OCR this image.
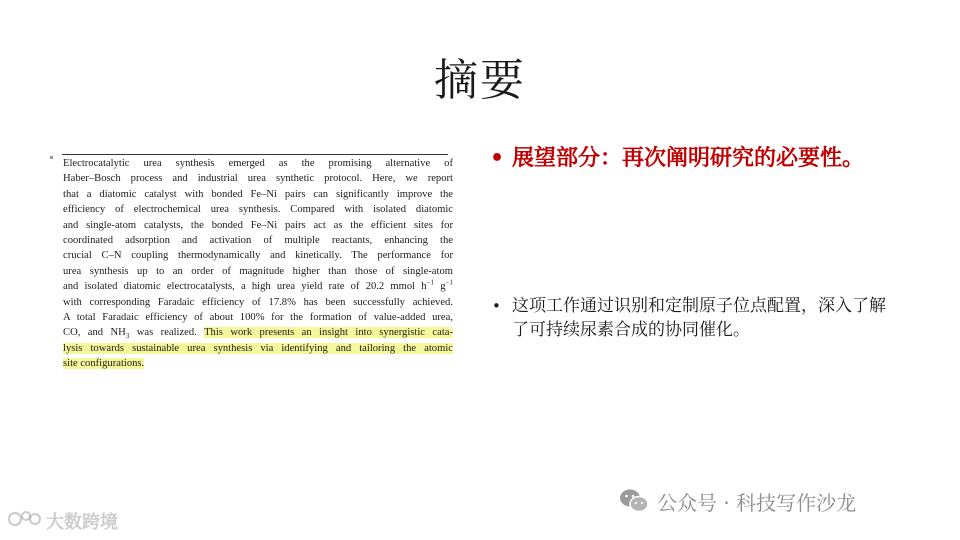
摘要
Electrocatalytic urea synthesis emerged as the promising alternative of
Haber–Bosch process and industrial urea synthetic protocol. Here, we report
that a diatomic catalyst with bonded Fe–Ni pairs can significantly improve the
efficiency of electrochemical urea synthesis. Compared with isolated diatomic
and single-atom catalysts, the bonded Fe–Ni pairs act as the efficient sites for
coordinated adsorption and activation of multiple reactants, enhancing the
crucial C–N coupling thermodynamically and kinetically. The performance for
urea synthesis up to an order of magnitude higher than those of single-atom
and isolated diatomic electrocatalysts, a high urea yield rate of 20.2 mmol $h^{-1}$ $g^{-1}$
with corresponding Faradaic efficiency of 17.8% has been successfully achieved.
A total Faradaic efficiency of about 100% for the formation of value-added urea,
CO, and $NH_3$ was realized. This work presents an insight into synergistic cata-
lysis towards sustainable urea synthesis via identifying and tailoring the atomic
site configurations.
• 展望部分：再次阐明研究的必要性。
• 这项工作通过识别和定制原子位点配置，深入了解了可持续尿素合成的协同催化。
公众号 · 科技写作沙龙
大数跨境
